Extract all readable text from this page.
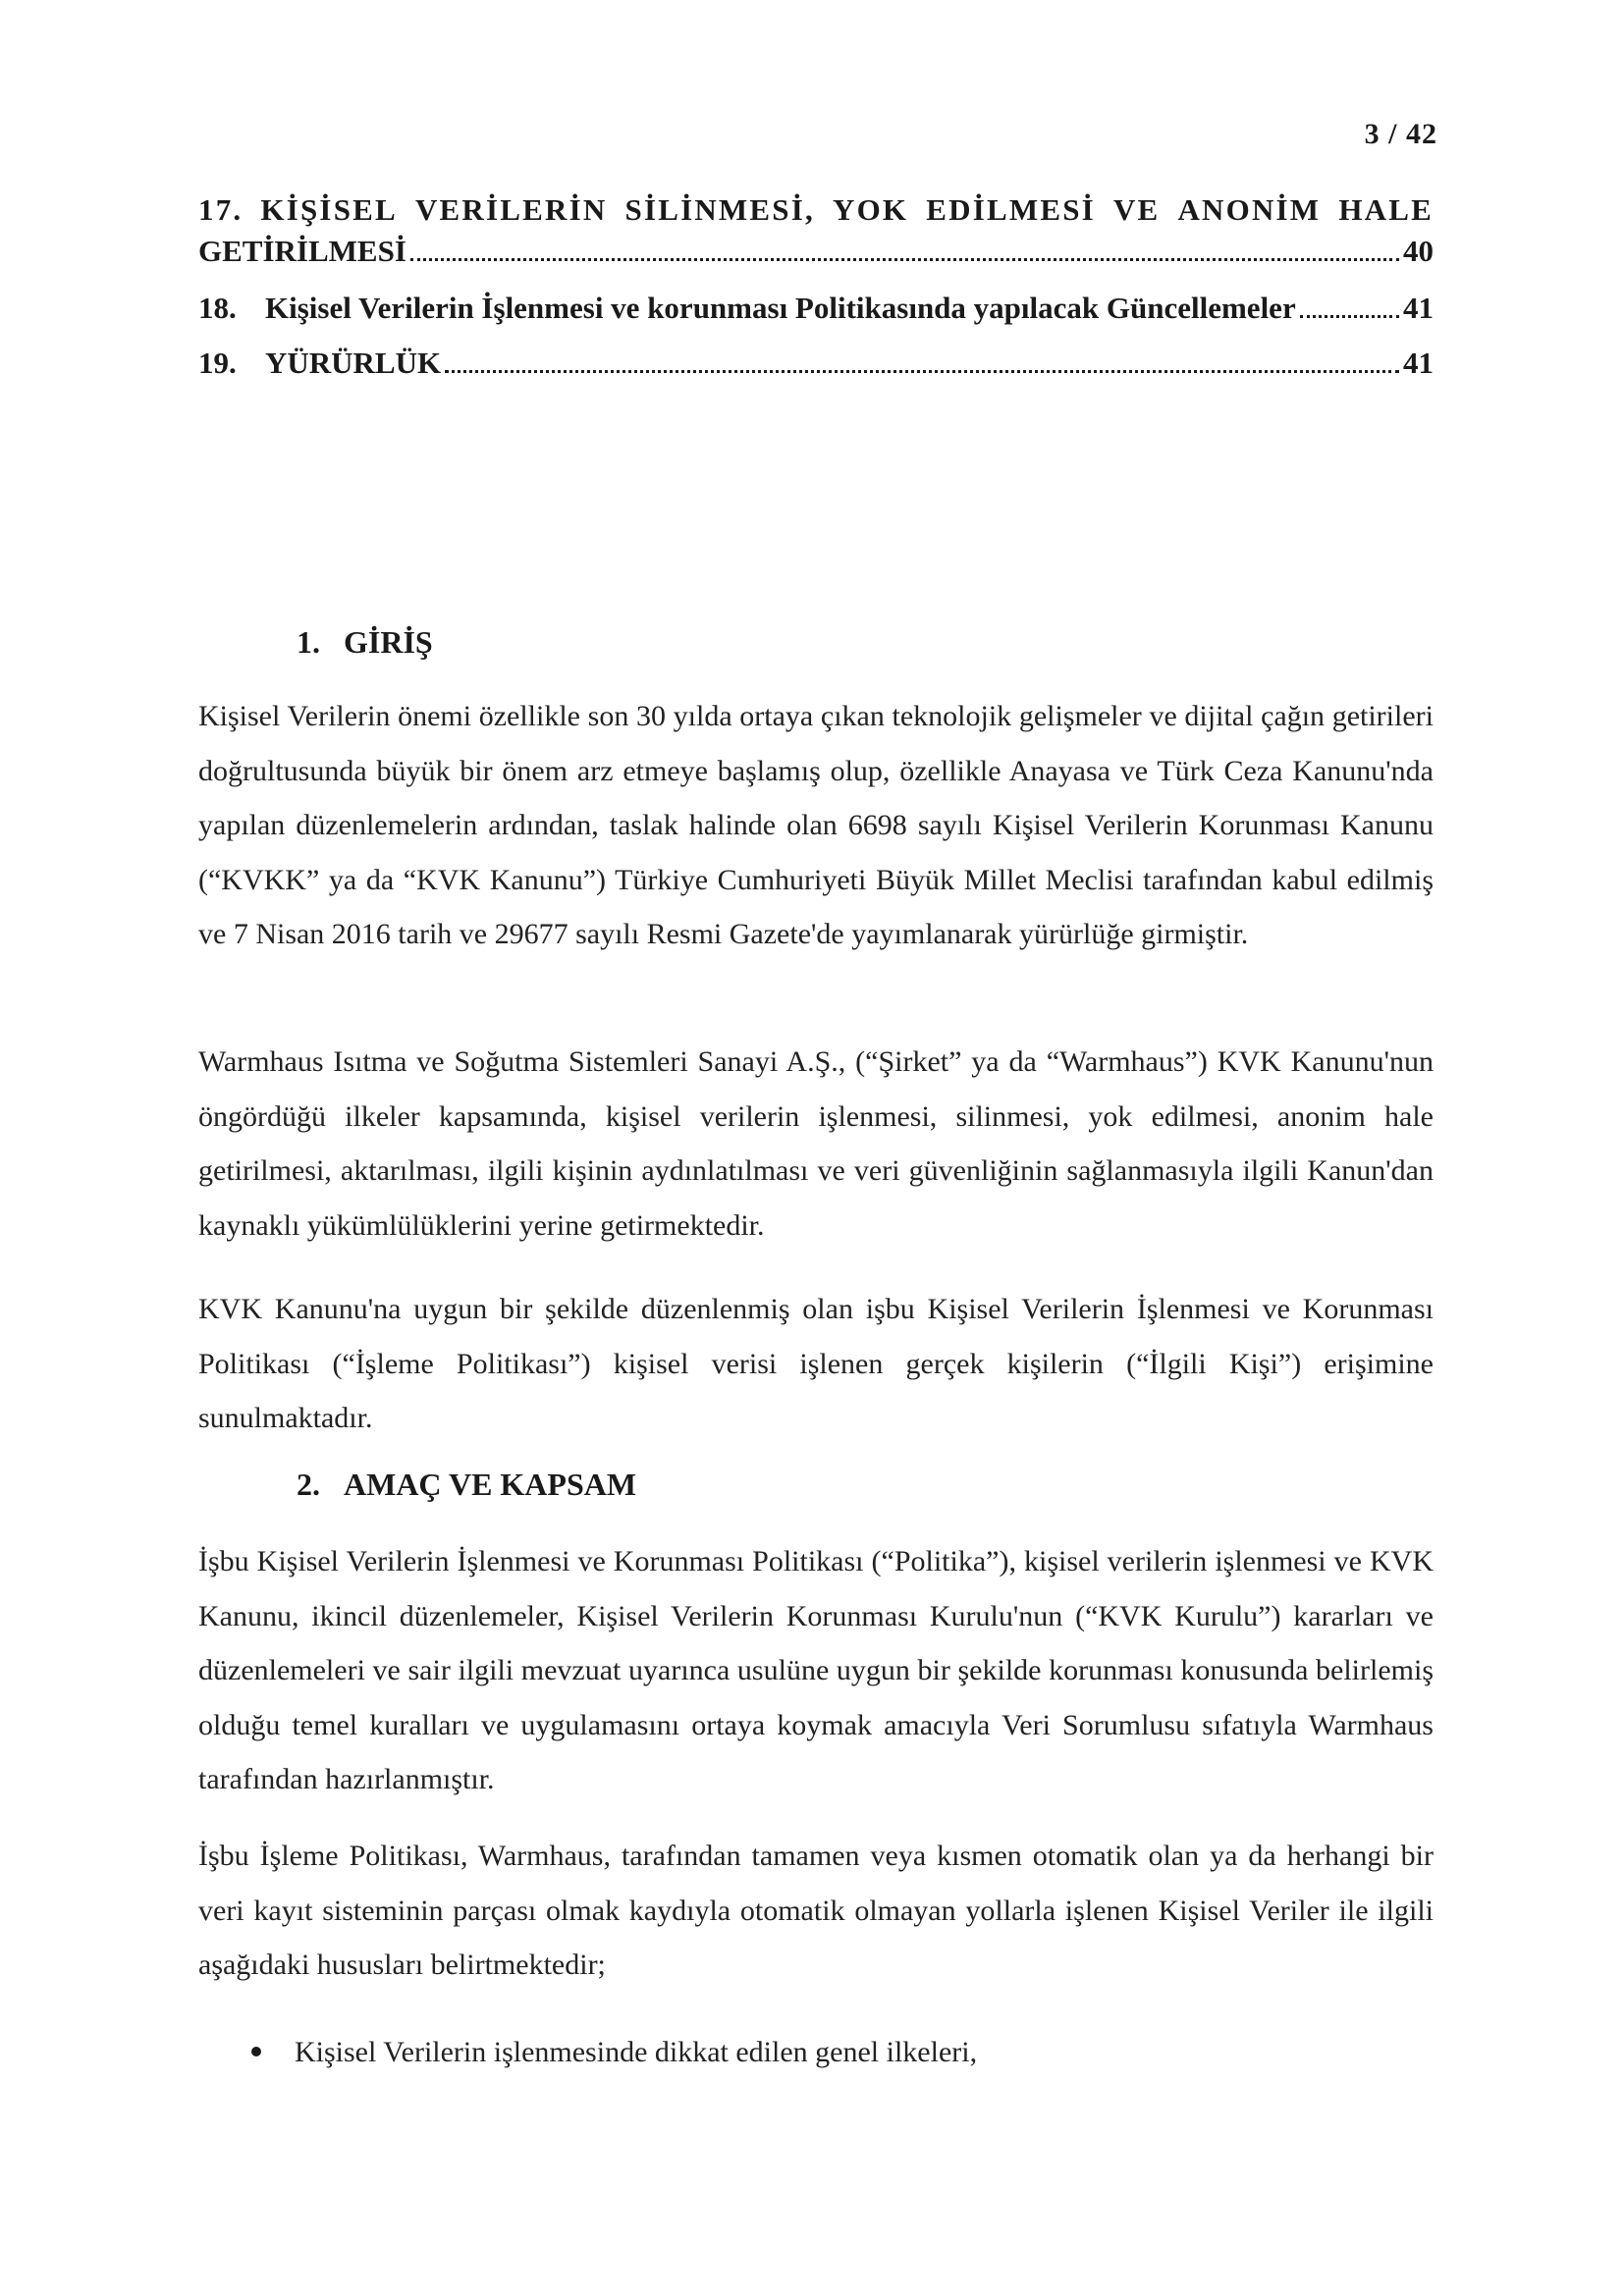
3 / 42
17. KİŞİSEL VERİLERİN SİLİNMESİ, YOK EDİLMESİ VE ANONİM HALE
GETİRİLMESİ	40
18. Kişisel Verilerin İşlenmesi ve korunması Politikasında yapılacak Güncellemeler	41
19. YÜRÜRLÜK	41
1. GİRİŞ

Kişisel Verilerin önemi özellikle son 30 yılda ortaya çıkan teknolojik gelişmeler ve dijital çağın getirileri doğrultusunda büyük bir önem arz etmeye başlamış olup, özellikle Anayasa ve Türk Ceza Kanunu'nda yapılan düzenlemelerin ardından, taslak halinde olan 6698 sayılı Kişisel Verilerin Korunması Kanunu (“KVKK” ya da “KVK Kanunu”) Türkiye Cumhuriyeti Büyük Millet Meclisi tarafından kabul edilmiş ve 7 Nisan 2016 tarih ve 29677 sayılı Resmi Gazete'de yayımlanarak yürürlüğe girmiştir.

Warmhaus Isıtma ve Soğutma Sistemleri Sanayi A.Ş., (“Şirket” ya da “Warmhaus”) KVK Kanunu'nun öngördüğü ilkeler kapsamında, kişisel verilerin işlenmesi, silinmesi, yok edilmesi, anonim hale getirilmesi, aktarılması, ilgili kişinin aydınlatılması ve veri güvenliğinin sağlanmasıyla ilgili Kanun'dan kaynaklı yükümlülüklerini yerine getirmektedir.

KVK Kanunu'na uygun bir şekilde düzenlenmiş olan işbu Kişisel Verilerin İşlenmesi ve Korunması Politikası (“İşleme Politikası”) kişisel verisi işlenen gerçek kişilerin (“İlgili Kişi”) erişimine sunulmaktadır.

2. AMAÇ VE KAPSAM

İşbu Kişisel Verilerin İşlenmesi ve Korunması Politikası (“Politika”), kişisel verilerin işlenmesi ve KVK Kanunu, ikincil düzenlemeler, Kişisel Verilerin Korunması Kurulu'nun (“KVK Kurulu”) kararları ve düzenlemeleri ve sair ilgili mevzuat uyarınca usulüne uygun bir şekilde korunması konusunda belirlemiş olduğu temel kuralları ve uygulamasını ortaya koymak amacıyla Veri Sorumlusu sıfatıyla Warmhaus tarafından hazırlanmıştır.

İşbu İşleme Politikası, Warmhaus, tarafından tamamen veya kısmen otomatik olan ya da herhangi bir veri kayıt sisteminin parçası olmak kaydıyla otomatik olmayan yollarla işlenen Kişisel Veriler ile ilgili aşağıdaki hususları belirtmektedir;

Kişisel Verilerin işlenmesinde dikkat edilen genel ilkeleri,
